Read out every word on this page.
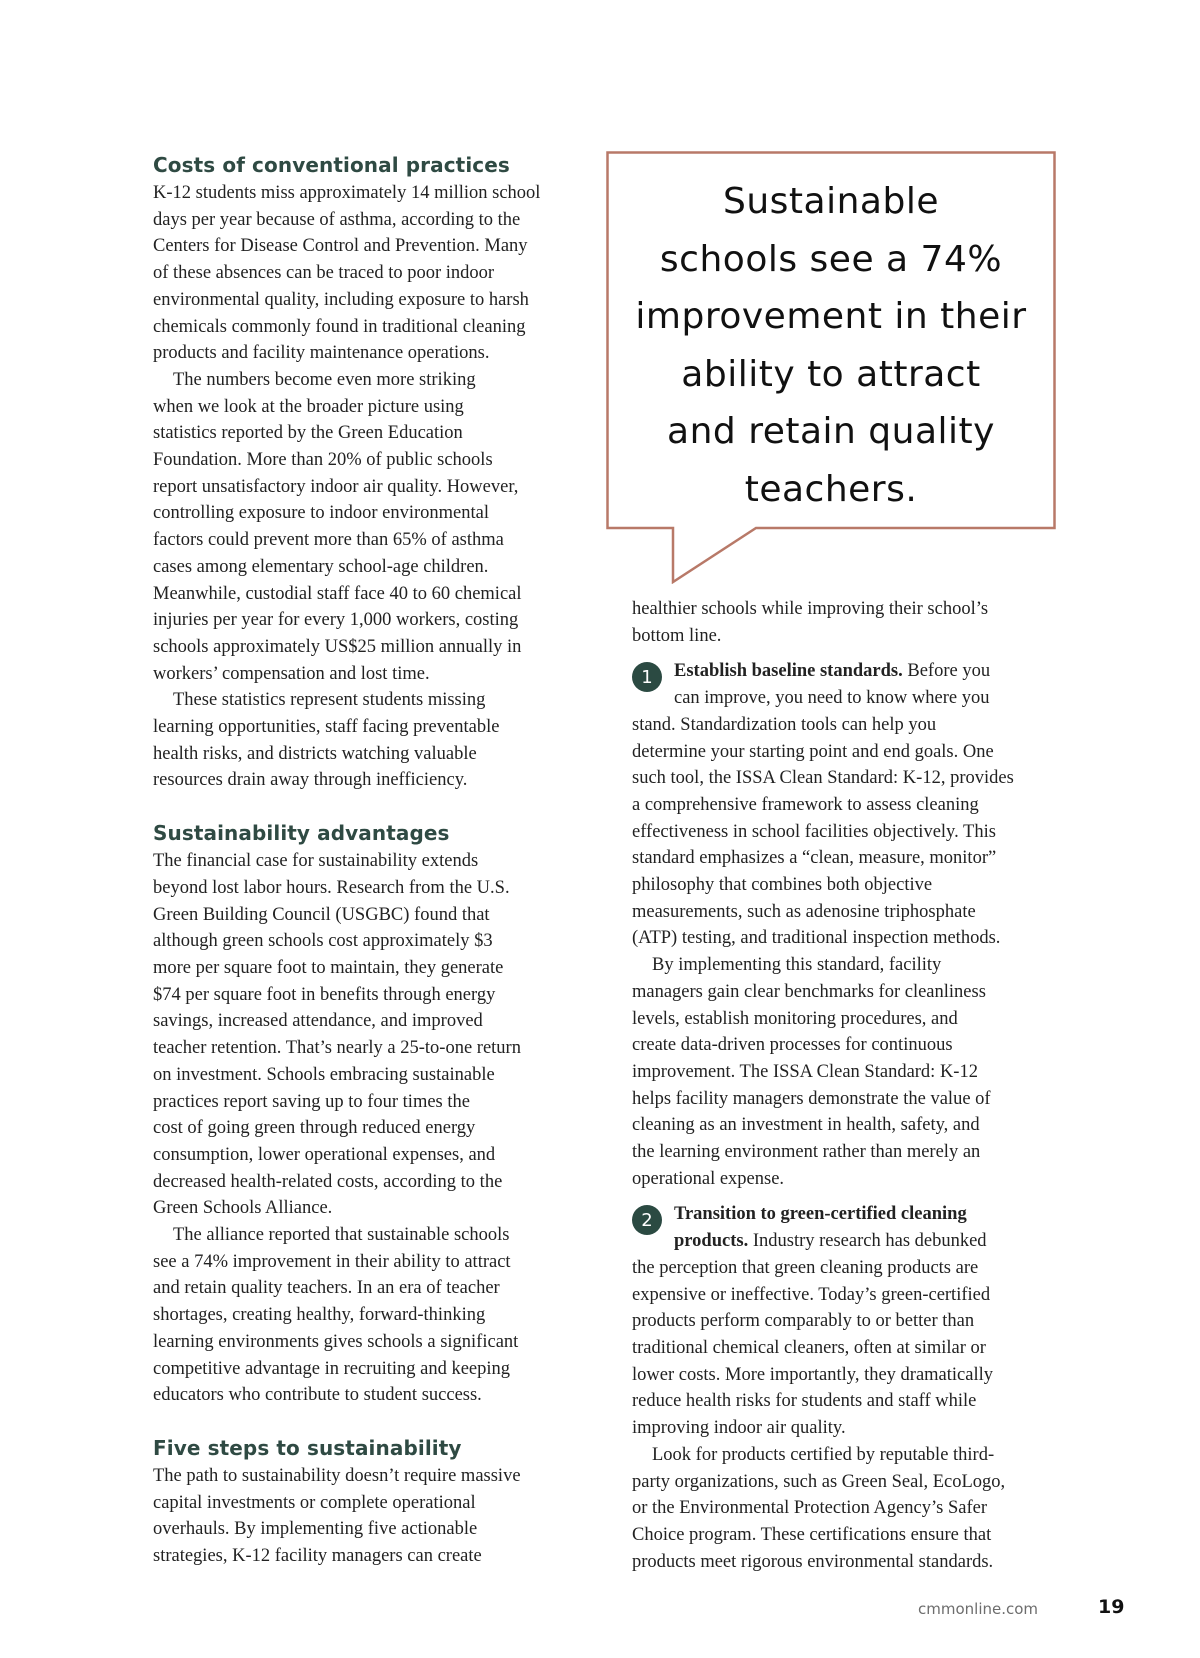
Costs of conventional practices

K-12 students miss approximately 14 million school

days per year because of asthma, according to the

Centers for Disease Control and Prevention. Many

of these absences can be traced to poor indoor

environmental quality, including exposure to harsh

chemicals commonly found in traditional cleaning

products and facility maintenance operations.

The numbers become even more striking

when we look at the broader picture using

statistics reported by the Green Education

Foundation. More than 20% of public schools

report unsatisfactory indoor air quality. However,

controlling exposure to indoor environmental

factors could prevent more than 65% of asthma

cases among elementary school-age children.

Meanwhile, custodial staff face 40 to 60 chemical

injuries per year for every 1,000 workers, costing

schools approximately US$25 million annually in

workers’ compensation and lost time.

These statistics represent students missing

learning opportunities, staff facing preventable

health risks, and districts watching valuable

resources drain away through inefficiency.

Sustainability advantages

The financial case for sustainability extends

beyond lost labor hours. Research from the U.S.

Green Building Council (USGBC) found that

although green schools cost approximately $3

more per square foot to maintain, they generate

$74 per square foot in benefits through energy

savings, increased attendance, and improved

teacher retention. That’s nearly a 25-to-one return

on investment. Schools embracing sustainable

practices report saving up to four times the

cost of going green through reduced energy

consumption, lower operational expenses, and

decreased health-related costs, according to the

Green Schools Alliance.

The alliance reported that sustainable schools

see a 74% improvement in their ability to attract

and retain quality teachers. In an era of teacher

shortages, creating healthy, forward-thinking

learning environments gives schools a significant

competitive advantage in recruiting and keeping

educators who contribute to student success.

Five steps to sustainability

The path to sustainability doesn’t require massive

capital investments or complete operational

overhauls. By implementing five actionable

strategies, K-12 facility managers can create

Sustainable
schools see a 74%
improvement in their
ability to attract
and retain quality
teachers.

healthier schools while improving their school’s

bottom line.

1	Establish baseline standards. Before you

can improve, you need to know where you

stand. Standardization tools can help you

determine your starting point and end goals. One

such tool, the ISSA Clean Standard: K-12, provides

a comprehensive framework to assess cleaning

effectiveness in school facilities objectively. This

standard emphasizes a “clean, measure, monitor”

philosophy that combines both objective

measurements, such as adenosine triphosphate

(ATP) testing, and traditional inspection methods.

By implementing this standard, facility

managers gain clear benchmarks for cleanliness

levels, establish monitoring procedures, and

create data-driven processes for continuous

improvement. The ISSA Clean Standard: K-12

helps facility managers demonstrate the value of

cleaning as an investment in health, safety, and

the learning environment rather than merely an

operational expense.

2	Transition to green-certified cleaning

products. Industry research has debunked

the perception that green cleaning products are

expensive or ineffective. Today’s green-certified

products perform comparably to or better than

traditional chemical cleaners, often at similar or

lower costs. More importantly, they dramatically

reduce health risks for students and staff while

improving indoor air quality.

Look for products certified by reputable third-

party organizations, such as Green Seal, EcoLogo,

or the Environmental Protection Agency’s Safer

Choice program. These certifications ensure that

products meet rigorous environmental standards.

cmmonline.com	19
